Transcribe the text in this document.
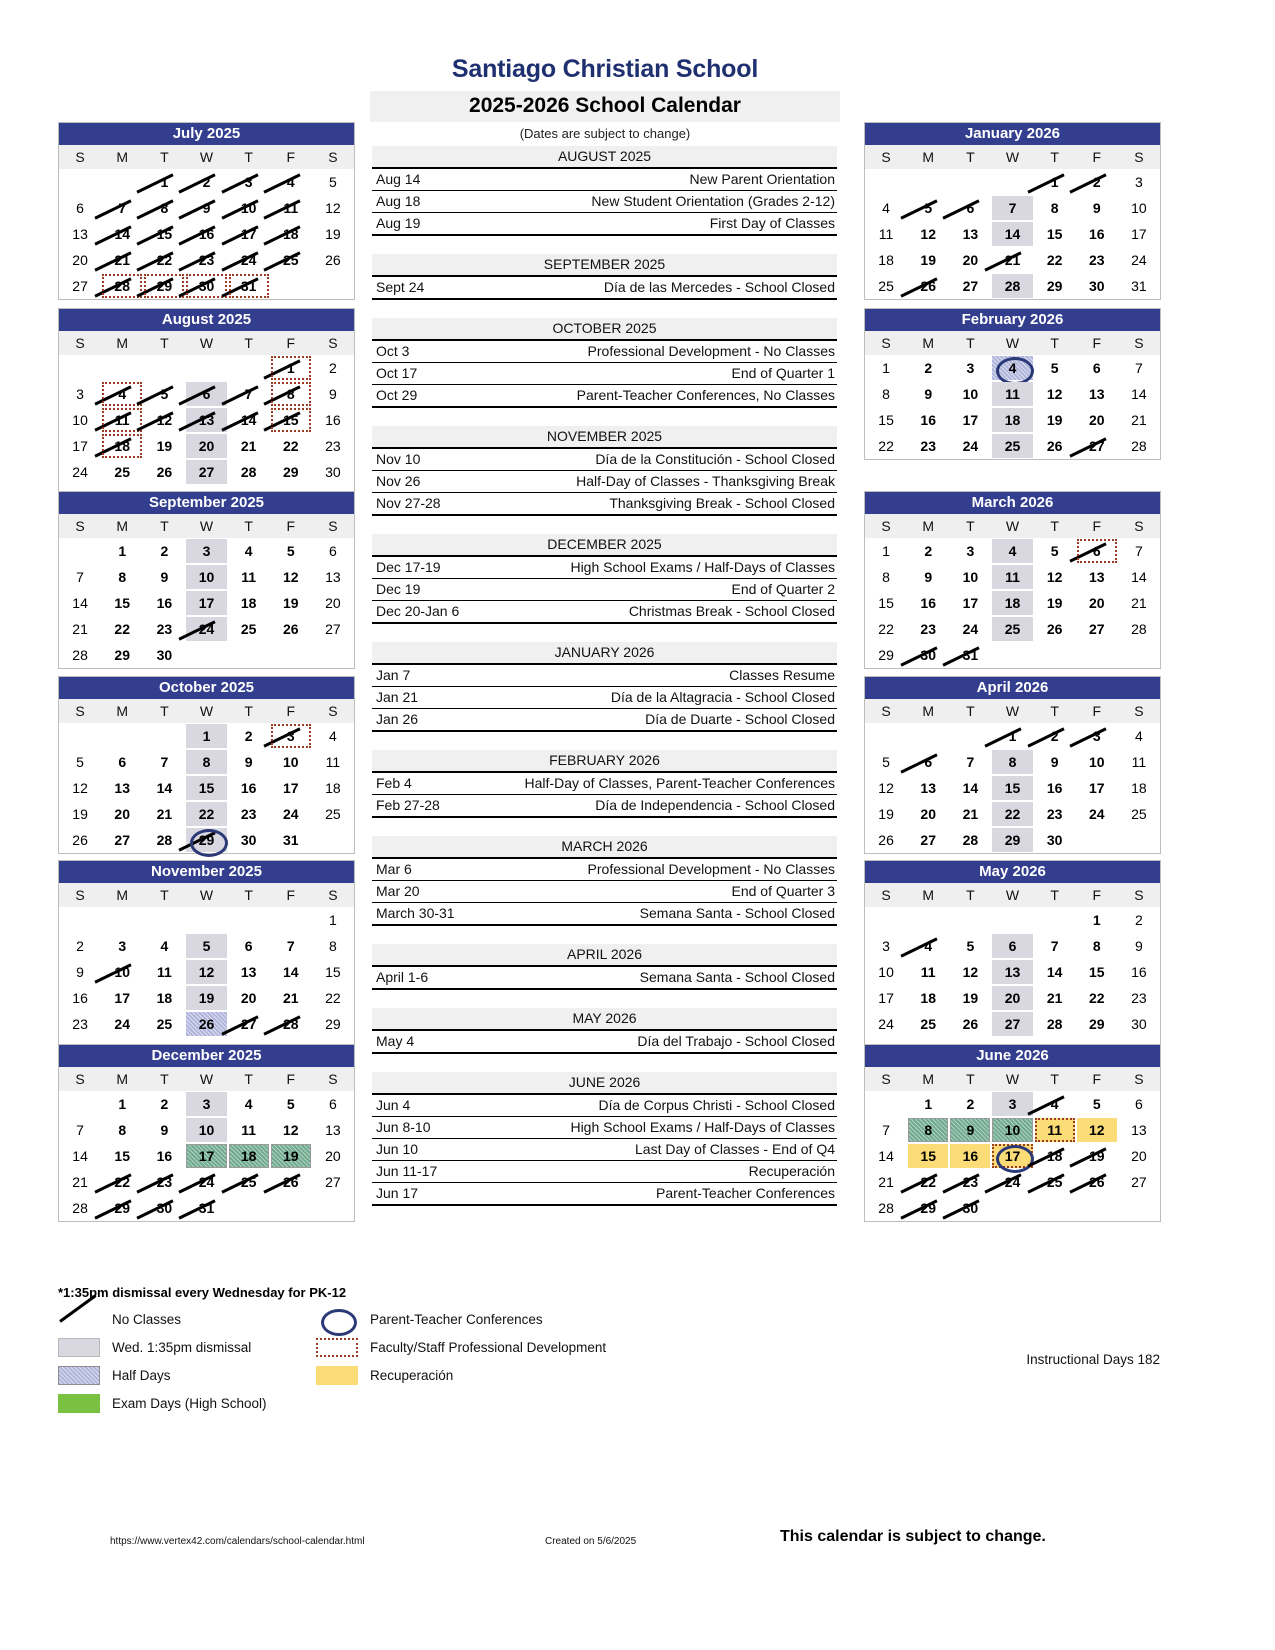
Santiago Christian School
2025-2026 School Calendar
(Dates are subject to change)
July 2025
S	M	T	W	T	F	S

		1	2	3	4	5

6	7	8	9	10	11	12

13	14	15	16	17	18	19

20	21	22	23	24	25	26

27	28	29	30	31		

August 2025
S	M	T	W	T	F	S

					1	2

3	4	5	6	7	8	9

10	11	12	13	14	15	16

17	18	19	20	21	22	23

24	25	26	27	28	29	30

September 2025
S	M	T	W	T	F	S

	1	2	3	4	5	6

7	8	9	10	11	12	13

14	15	16	17	18	19	20

21	22	23	24	25	26	27

28	29	30				

October 2025
S	M	T	W	T	F	S

			1	2	3	4

5	6	7	8	9	10	11

12	13	14	15	16	17	18

19	20	21	22	23	24	25

26	27	28	29	30	31	

November 2025
S	M	T	W	T	F	S

						1

2	3	4	5	6	7	8

9	10	11	12	13	14	15

16	17	18	19	20	21	22

23	24	25	26	27	28	29

December 2025
S	M	T	W	T	F	S

	1	2	3	4	5	6

7	8	9	10	11	12	13

14	15	16	17	18	19	20

21	22	23	24	25	26	27

28	29	30	31			

January 2026
S	M	T	W	T	F	S

				1	2	3

4	5	6	7	8	9	10

11	12	13	14	15	16	17

18	19	20	21	22	23	24

25	26	27	28	29	30	31
February 2026
S	M	T	W	T	F	S

1	2	3	4	5	6	7

8	9	10	11	12	13	14

15	16	17	18	19	20	21

22	23	24	25	26	27	28
March 2026
S	M	T	W	T	F	S

1	2	3	4	5	6	7

8	9	10	11	12	13	14

15	16	17	18	19	20	21

22	23	24	25	26	27	28

29	30	31				

April 2026
S	M	T	W	T	F	S

			1	2	3	4

5	6	7	8	9	10	11

12	13	14	15	16	17	18

19	20	21	22	23	24	25

26	27	28	29	30		

May 2026
S	M	T	W	T	F	S

					1	2

3	4	5	6	7	8	9

10	11	12	13	14	15	16

17	18	19	20	21	22	23

24	25	26	27	28	29	30

June 2026
S	M	T	W	T	F	S

	1	2	3	4	5	6

7	8	9	10	11	12	13

14	15	16	17	18	19	20

21	22	23	24	25	26	27

28	29	30				

AUGUST 2025
Aug 14	New Parent Orientation
Aug 18	New Student Orientation (Grades 2-12)
Aug 19	First Day of Classes
SEPTEMBER 2025
Sept 24	Día de las Mercedes - School Closed
OCTOBER 2025
Oct 3	Professional Development - No Classes
Oct 17	End of Quarter 1
Oct 29	Parent-Teacher Conferences, No Classes
NOVEMBER 2025
Nov 10	Día de la Constitución - School Closed
Nov 26	Half-Day of Classes - Thanksgiving Break
Nov 27-28	Thanksgiving Break - School Closed
DECEMBER 2025
Dec 17-19	High School Exams / Half-Days of Classes
Dec 19	End of Quarter 2
Dec 20-Jan 6	Christmas Break - School Closed
JANUARY 2026
Jan 7	Classes Resume
Jan 21	Día de la Altagracia - School Closed
Jan 26	Día de Duarte - School Closed
FEBRUARY 2026
Feb 4	Half-Day of Classes, Parent-Teacher Conferences
Feb 27-28	Día de Independencia - School Closed
MARCH 2026
Mar 6	Professional Development - No Classes
Mar 20	End of Quarter 3
March 30-31	Semana Santa - School Closed
APRIL 2026
April 1-6	Semana Santa - School Closed
MAY 2026
May 4	Día del Trabajo - School Closed
JUNE 2026
Jun 4	Día de Corpus Christi - School Closed
Jun 8-10	High School Exams / Half-Days of Classes
Jun 10	Last Day of Classes - End of Q4
Jun 11-17	Recuperación
Jun 17	Parent-Teacher Conferences
*1:35pm dismissal every Wednesday for PK-12
No Classes
Wed. 1:35pm dismissal
Half Days
Exam Days (High School)
Parent-Teacher Conferences
Faculty/Staff Professional Development
Recuperación
Instructional Days 182
https://www.vertex42.com/calendars/school-calendar.html	Created on 5/6/2025	This calendar is subject to change.
